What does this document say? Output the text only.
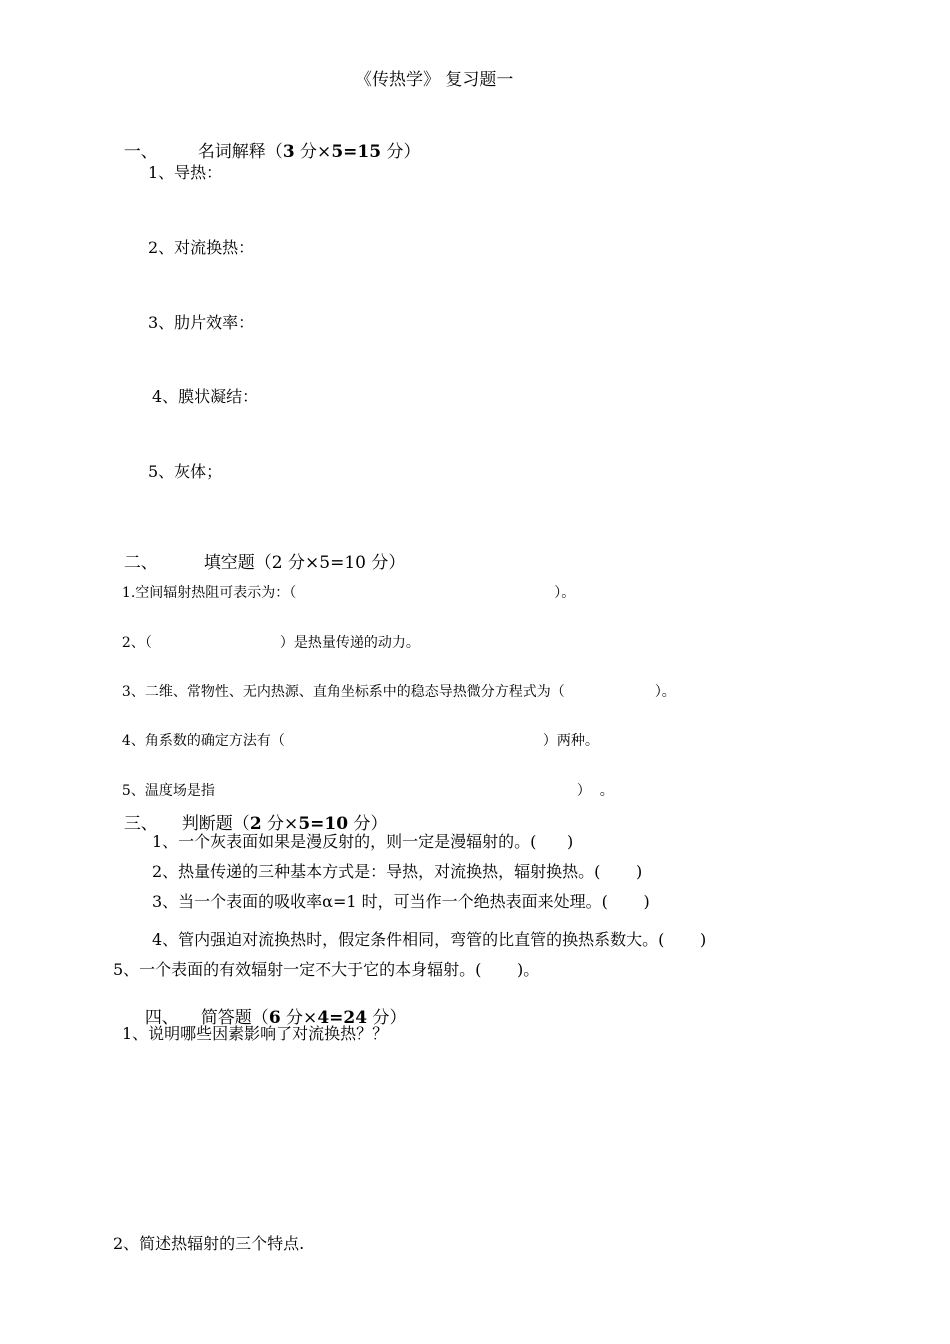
《传热学》 复习题一

一、 名词解释（3 分×5=15 分）

1、导热：
2、对流换热：
3、肋片效率：
4、膜状凝结：
5、灰体；

二、	填空题（2 分×5=10 分）

1.空间辐射热阻可表示为：（	）。

2、（	）是热量传递的动力。

3、二维、常物性、无内热源、直角坐标系中的稳态导热微分方程式为（	）。

4、角系数的确定方法有（	）两种。

5、温度场是指	）  。

三、 判断题（2 分×5=10 分）

1、一个灰表面如果是漫反射的，则一定是漫辐射的。(      )
2、热量传递的三种基本方式是：导热，对流换热，辐射换热。(       )
3、当一个表面的吸收率α=1 时，可当作一个绝热表面来处理。(       )
4、管内强迫对流换热时，假定条件相同，弯管的比直管的换热系数大。(       )
5、一个表面的有效辐射一定不大于它的本身辐射。(       )。

四、 简答题（6 分×4=24 分）

1、说明哪些因素影响了对流换热？？
2、简述热辐射的三个特点.
